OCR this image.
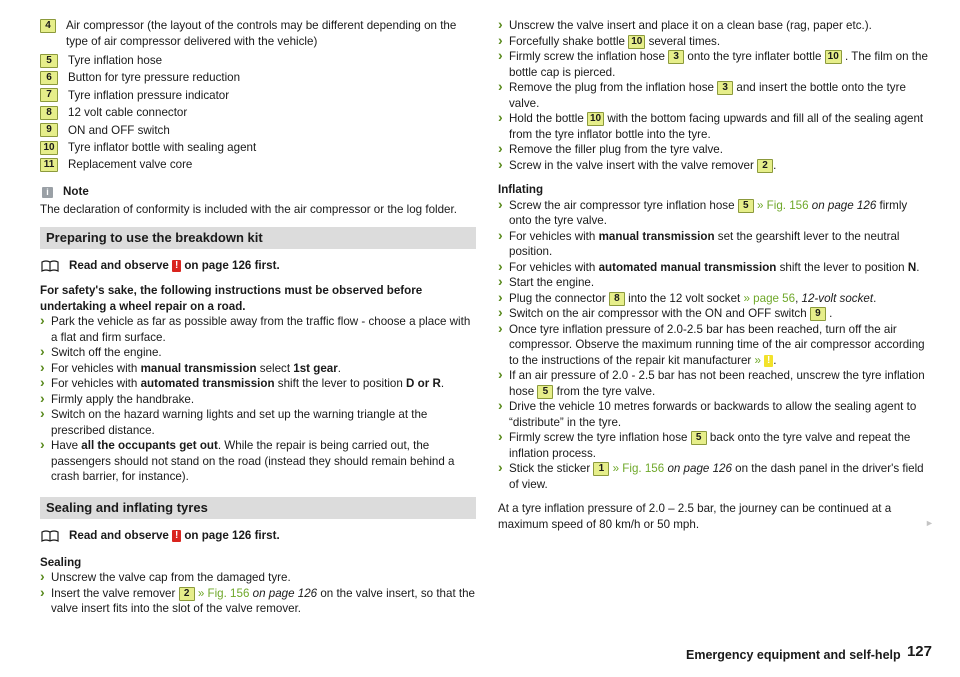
4	Air compressor (the layout of the controls may be different depending on the type of air compressor delivered with the vehicle)
5	Tyre inflation hose
6	Button for tyre pressure reduction
7	Tyre inflation pressure indicator
8	12 volt cable connector
9	ON and OFF switch
10 Tyre inflator bottle with sealing agent
11	Replacement valve core
i	Note
The declaration of conformity is included with the air compressor or the log folder.
Preparing to use the breakdown kit
Read and observe
!
on page 126 first.
For safety's sake, the following instructions must be observed before undertaking a wheel repair on a road.
› Park the vehicle as far as possible away from the traffic flow - choose a place with a flat and firm surface.
› Switch off the engine.
› For vehicles with manual transmission select 1st gear.
› For vehicles with automated transmission shift the lever to position D or R.
› Firmly apply the handbrake.
› Switch on the hazard warning lights and set up the warning triangle at the prescribed distance.
› Have all the occupants get out. While the repair is being carried out, the passengers should not stand on the road (instead they should remain behind a crash barrier, for instance).
Sealing and inflating tyres
Read and observe
!
on page 126 first.
Sealing
› Unscrew the valve cap from the damaged tyre.
› Insert the valve remover 2 » Fig. 156 on page 126 on the valve insert, so that the valve insert fits into the slot of the valve remover.
› Unscrew the valve insert and place it on a clean base (rag, paper etc.).
› Forcefully shake bottle 10 several times.
› Firmly screw the inflation hose 3 onto the tyre inflater bottle 10 . The film on the bottle cap is pierced.
› Remove the plug from the inflation hose 3 and insert the bottle onto the tyre valve.
› Hold the bottle 10 with the bottom facing upwards and fill all of the sealing agent from the tyre inflator bottle into the tyre.
› Remove the filler plug from the tyre valve.
› Screw in the valve insert with the valve remover 2 .
Inflating
› Screw the air compressor tyre inflation hose 5 » Fig. 156 on page 126 firmly onto the tyre valve.
› For vehicles with manual transmission set the gearshift lever to the neutral position.
› For vehicles with automated manual transmission shift the lever to position N.
› Start the engine.
› Plug the connector 8 into the 12 volt socket » page 56, 12-volt socket.
› Switch on the air compressor with the ON and OFF switch 9 .
› Once tyre inflation pressure of 2.0-2.5 bar has been reached, turn off the air compressor. Observe the maximum running time of the air compressor according to the instructions of the repair kit manufacturer » ! .
› If an air pressure of 2.0 - 2.5 bar has not been reached, unscrew the tyre inflation hose 5 from the tyre valve.
› Drive the vehicle 10 metres forwards or backwards to allow the sealing agent to “distribute” in the tyre.
› Firmly screw the tyre inflation hose 5 back onto the tyre valve and repeat the inflation process.
› Stick the sticker 1 » Fig. 156 on page 126 on the dash panel in the driver's field of view.
At a tyre inflation pressure of 2.0 – 2.5 bar, the journey can be continued at a maximum speed of 80 km/h or 50 mph.	►
Emergency equipment and self-help 127
